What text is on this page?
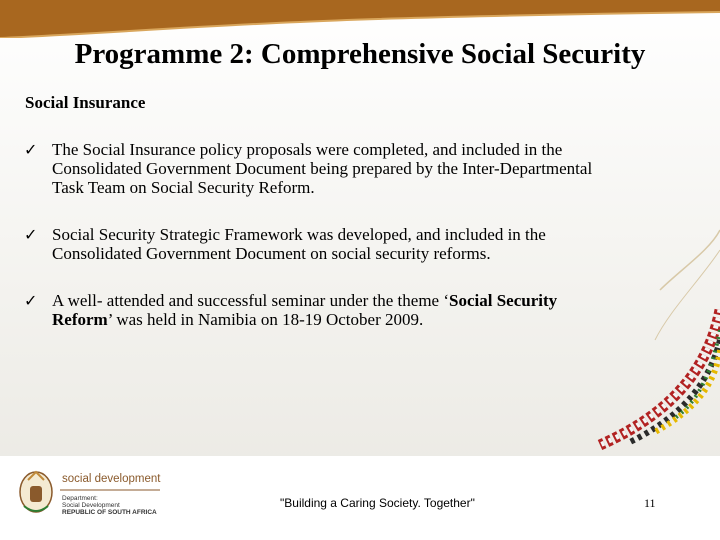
Programme 2: Comprehensive Social Security

Social Insurance

✓ The Social Insurance policy proposals were completed, and included in the
Consolidated Government Document being prepared by the Inter-Departmental
Task Team on Social Security Reform.
✓ Social Security Strategic Framework was developed, and included in the
Consolidated Government Document on social security reforms.
✓ A well- attended and successful seminar under the theme ‘Social Security
Reform’ was held in Namibia on 18-19 October 2009.

social development

Department:

Social Development

REPUBLIC OF SOUTH AFRICA

"Building a Caring Society. Together"	11
